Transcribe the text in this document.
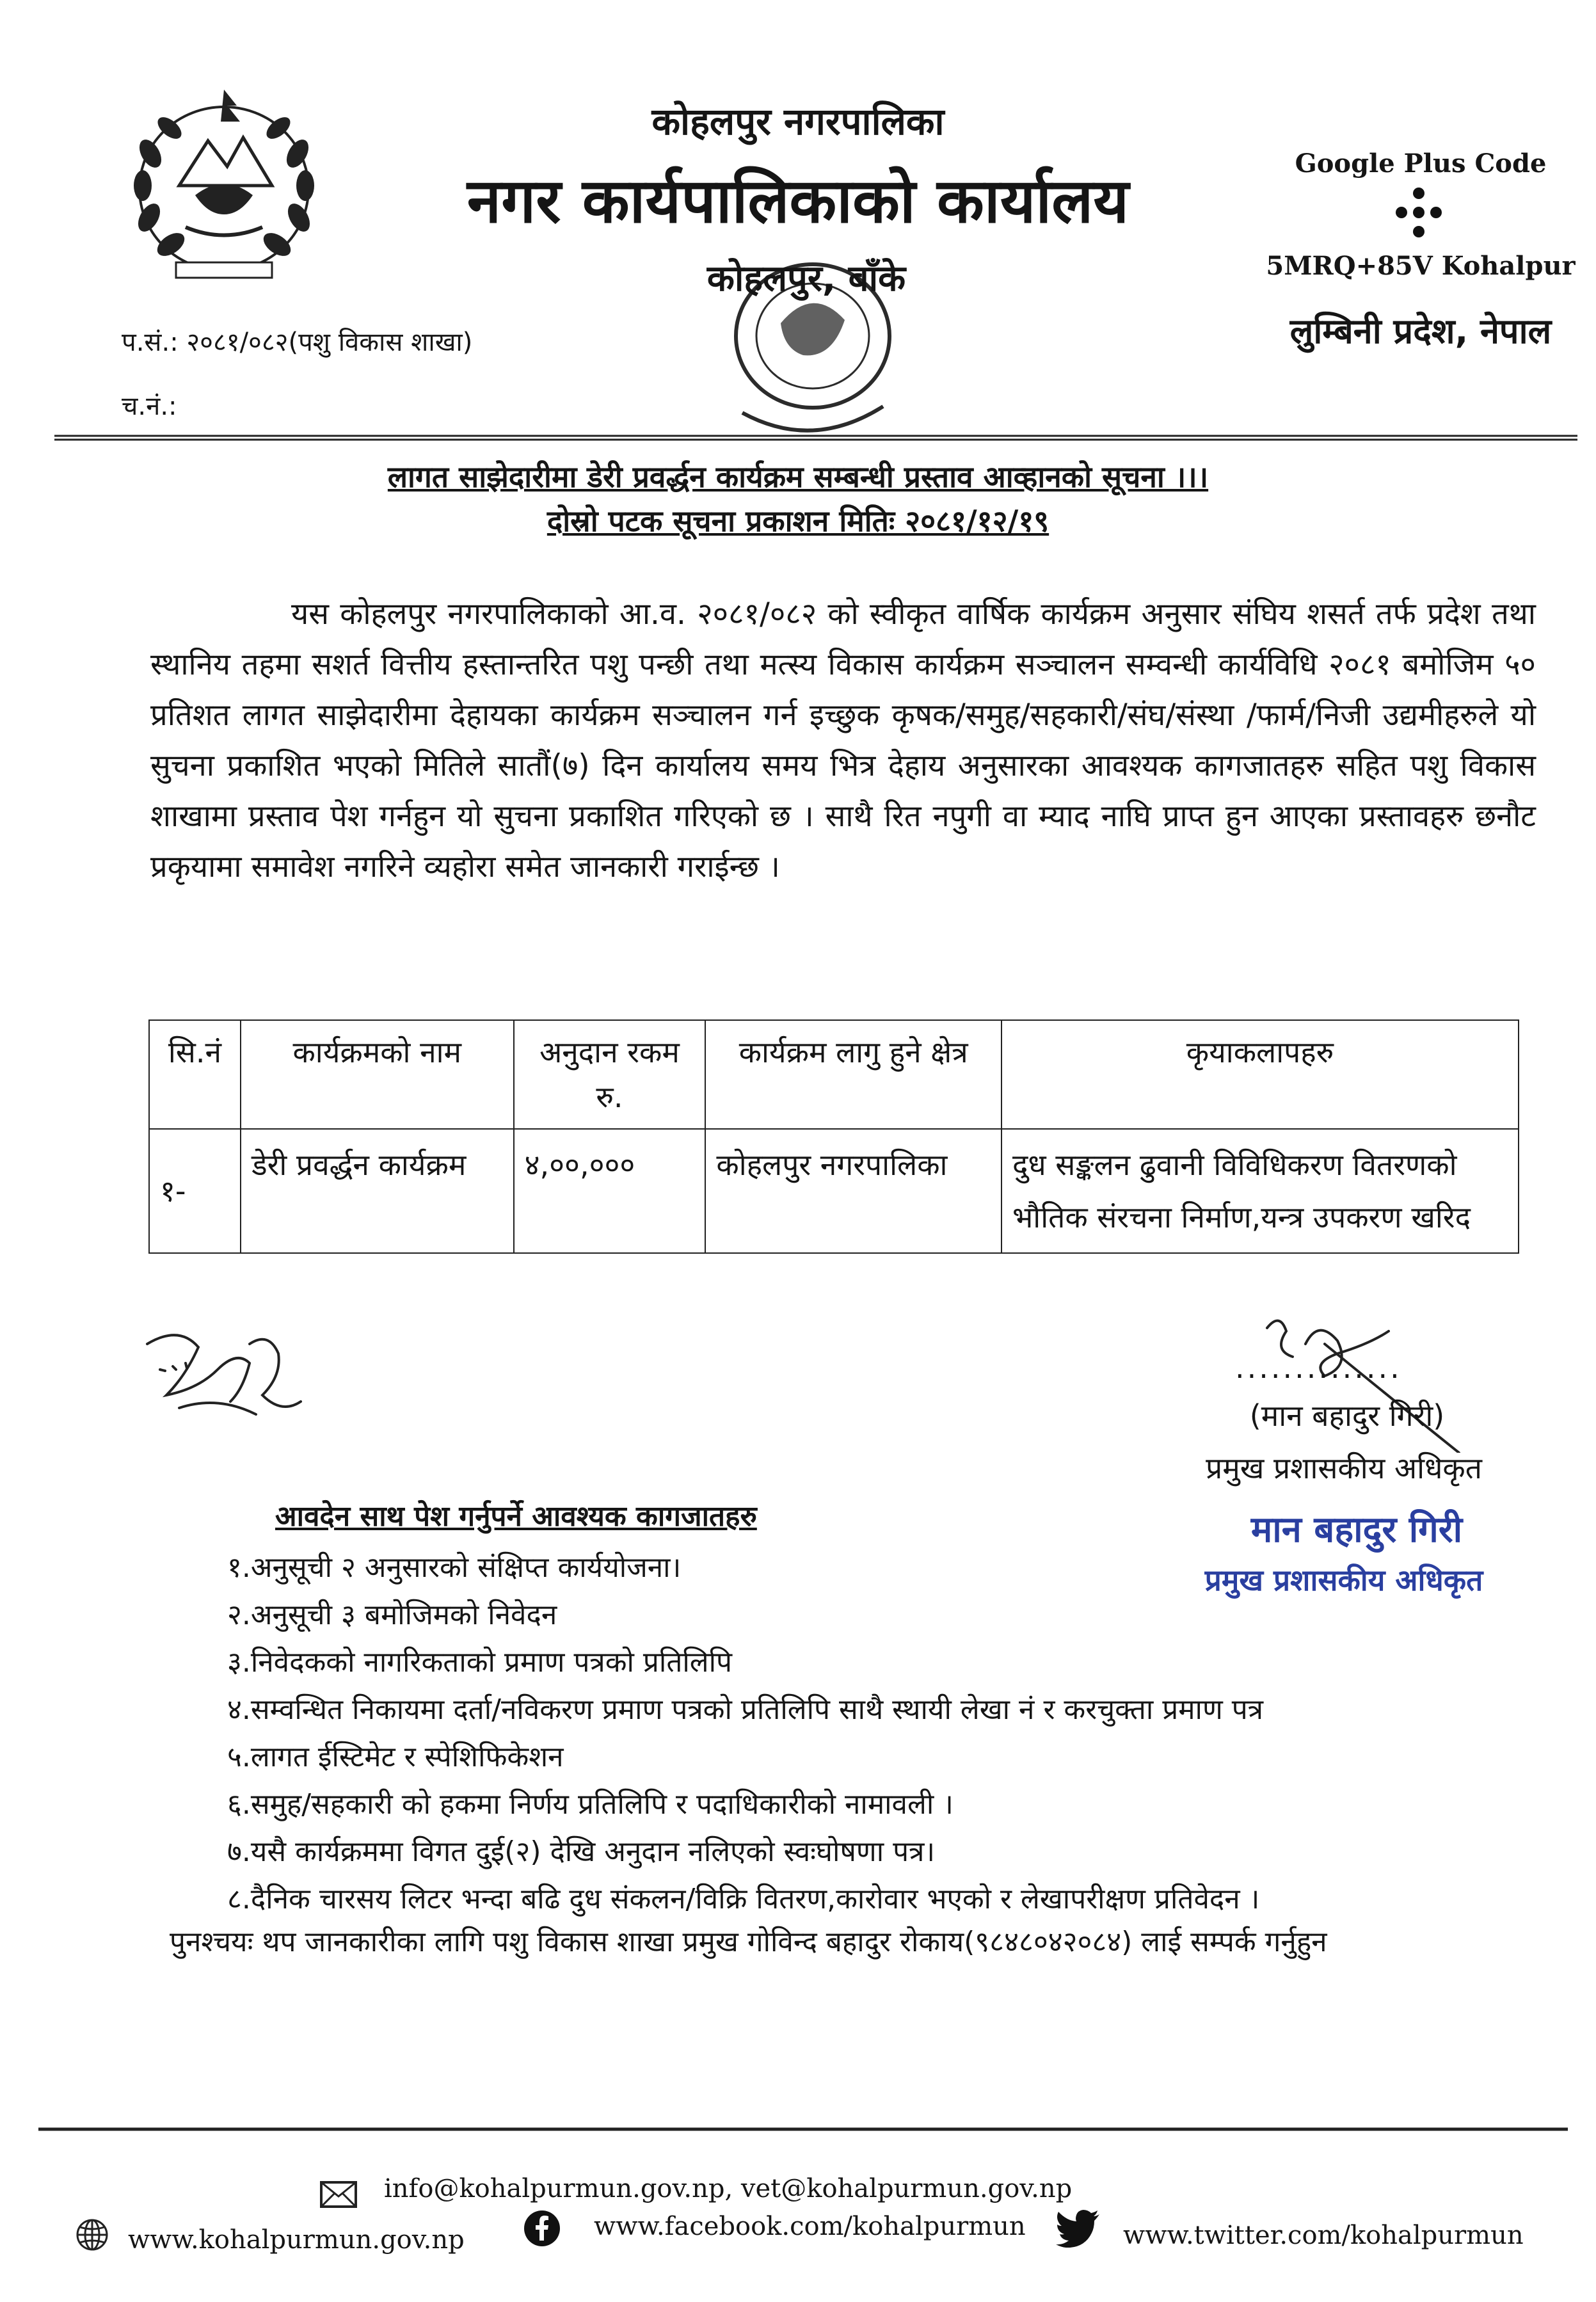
कोहलपुर नगरपालिका
नगर कार्यपालिकाको कार्यालय
कोहलपुर, बाँके
Google Plus Code
5MRQ+85V Kohalpur
लुम्बिनी प्रदेश, नेपाल
प.सं.: २०८१/०८२(पशु विकास शाखा)
च.नं.:
लागत साझेदारीमा डेरी प्रवर्द्धन कार्यक्रम सम्बन्धी प्रस्ताव आव्हानको सूचना ।।।
दोस्रो पटक सूचना प्रकाशन मितिः २०८१/१२/१९
यस कोहलपुर नगरपालिकाको आ.व. २०८१/०८२ को स्वीकृत वार्षिक कार्यक्रम अनुसार संघिय शसर्त तर्फ प्रदेश तथा स्थानिय तहमा सशर्त वित्तीय हस्तान्तरित पशु पन्छी तथा मत्स्य विकास कार्यक्रम सञ्चालन सम्वन्धी कार्यविधि २०८१ बमोजिम ५० प्रतिशत लागत साझेदारीमा देहायका कार्यक्रम सञ्चालन गर्न इच्छुक कृषक/समुह/सहकारी/संघ/संस्था /फार्म/निजी उद्यमीहरुले यो सुचना प्रकाशित भएको मितिले सातौं(७) दिन कार्यालय समय भित्र देहाय अनुसारका आवश्यक कागजातहरु सहित पशु विकास शाखामा प्रस्ताव पेश गर्नहुन यो सुचना प्रकाशित गरिएको छ । साथै रित नपुगी वा म्याद नाघि प्राप्त हुन आएका प्रस्तावहरु छनौट प्रकृयामा समावेश नगरिने व्यहोरा समेत जानकारी गराईन्छ ।
सि.नं	कार्यक्रमको नाम	अनुदान रकम रु.	कार्यक्रम लागु हुने क्षेत्र	कृयाकलापहरु
१-	डेरी प्रवर्द्धन कार्यक्रम	४,००,०००	कोहलपुर नगरपालिका	दुध सङ्कलन ढुवानी विविधिकरण वितरणको भौतिक संरचना निर्माण,यन्त्र उपकरण खरिद
..............
(मान बहादुर गिरी)
प्रमुख प्रशासकीय अधिकृत
मान बहादुर गिरी
प्रमुख प्रशासकीय अधिकृत
आवदेन साथ पेश गर्नुपर्ने आवश्यक कागजातहरु
१.अनुसूची २ अनुसारको संक्षिप्त कार्ययोजना।
२.अनुसूची ३ बमोजिमको निवेदन
३.निवेदकको नागरिकताको प्रमाण पत्रको प्रतिलिपि
४.सम्वन्धित निकायमा दर्ता/नविकरण प्रमाण पत्रको प्रतिलिपि साथै स्थायी लेखा नं र करचुक्ता प्रमाण पत्र
५.लागत ईस्टिमेट र स्पेशिफिकेशन
६.समुह/सहकारी को हकमा निर्णय प्रतिलिपि र पदाधिकारीको नामावली ।
७.यसै कार्यक्रममा विगत दुई(२) देखि अनुदान नलिएको स्वःघोषणा पत्र।
८.दैनिक चारसय लिटर भन्दा बढि दुध संकलन/विक्रि वितरण,कारोवार भएको र लेखापरीक्षण प्रतिवेदन ।
पुनश्चयः थप जानकारीका लागि पशु विकास शाखा प्रमुख गोविन्द बहादुर रोकाय(९८४८०४२०८४) लाई सम्पर्क गर्नुहुन
info@kohalpurmun.gov.np, vet@kohalpurmun.gov.np
www.kohalpurmun.gov.np	www.facebook.com/kohalpurmun	www.twitter.com/kohalpurmun
